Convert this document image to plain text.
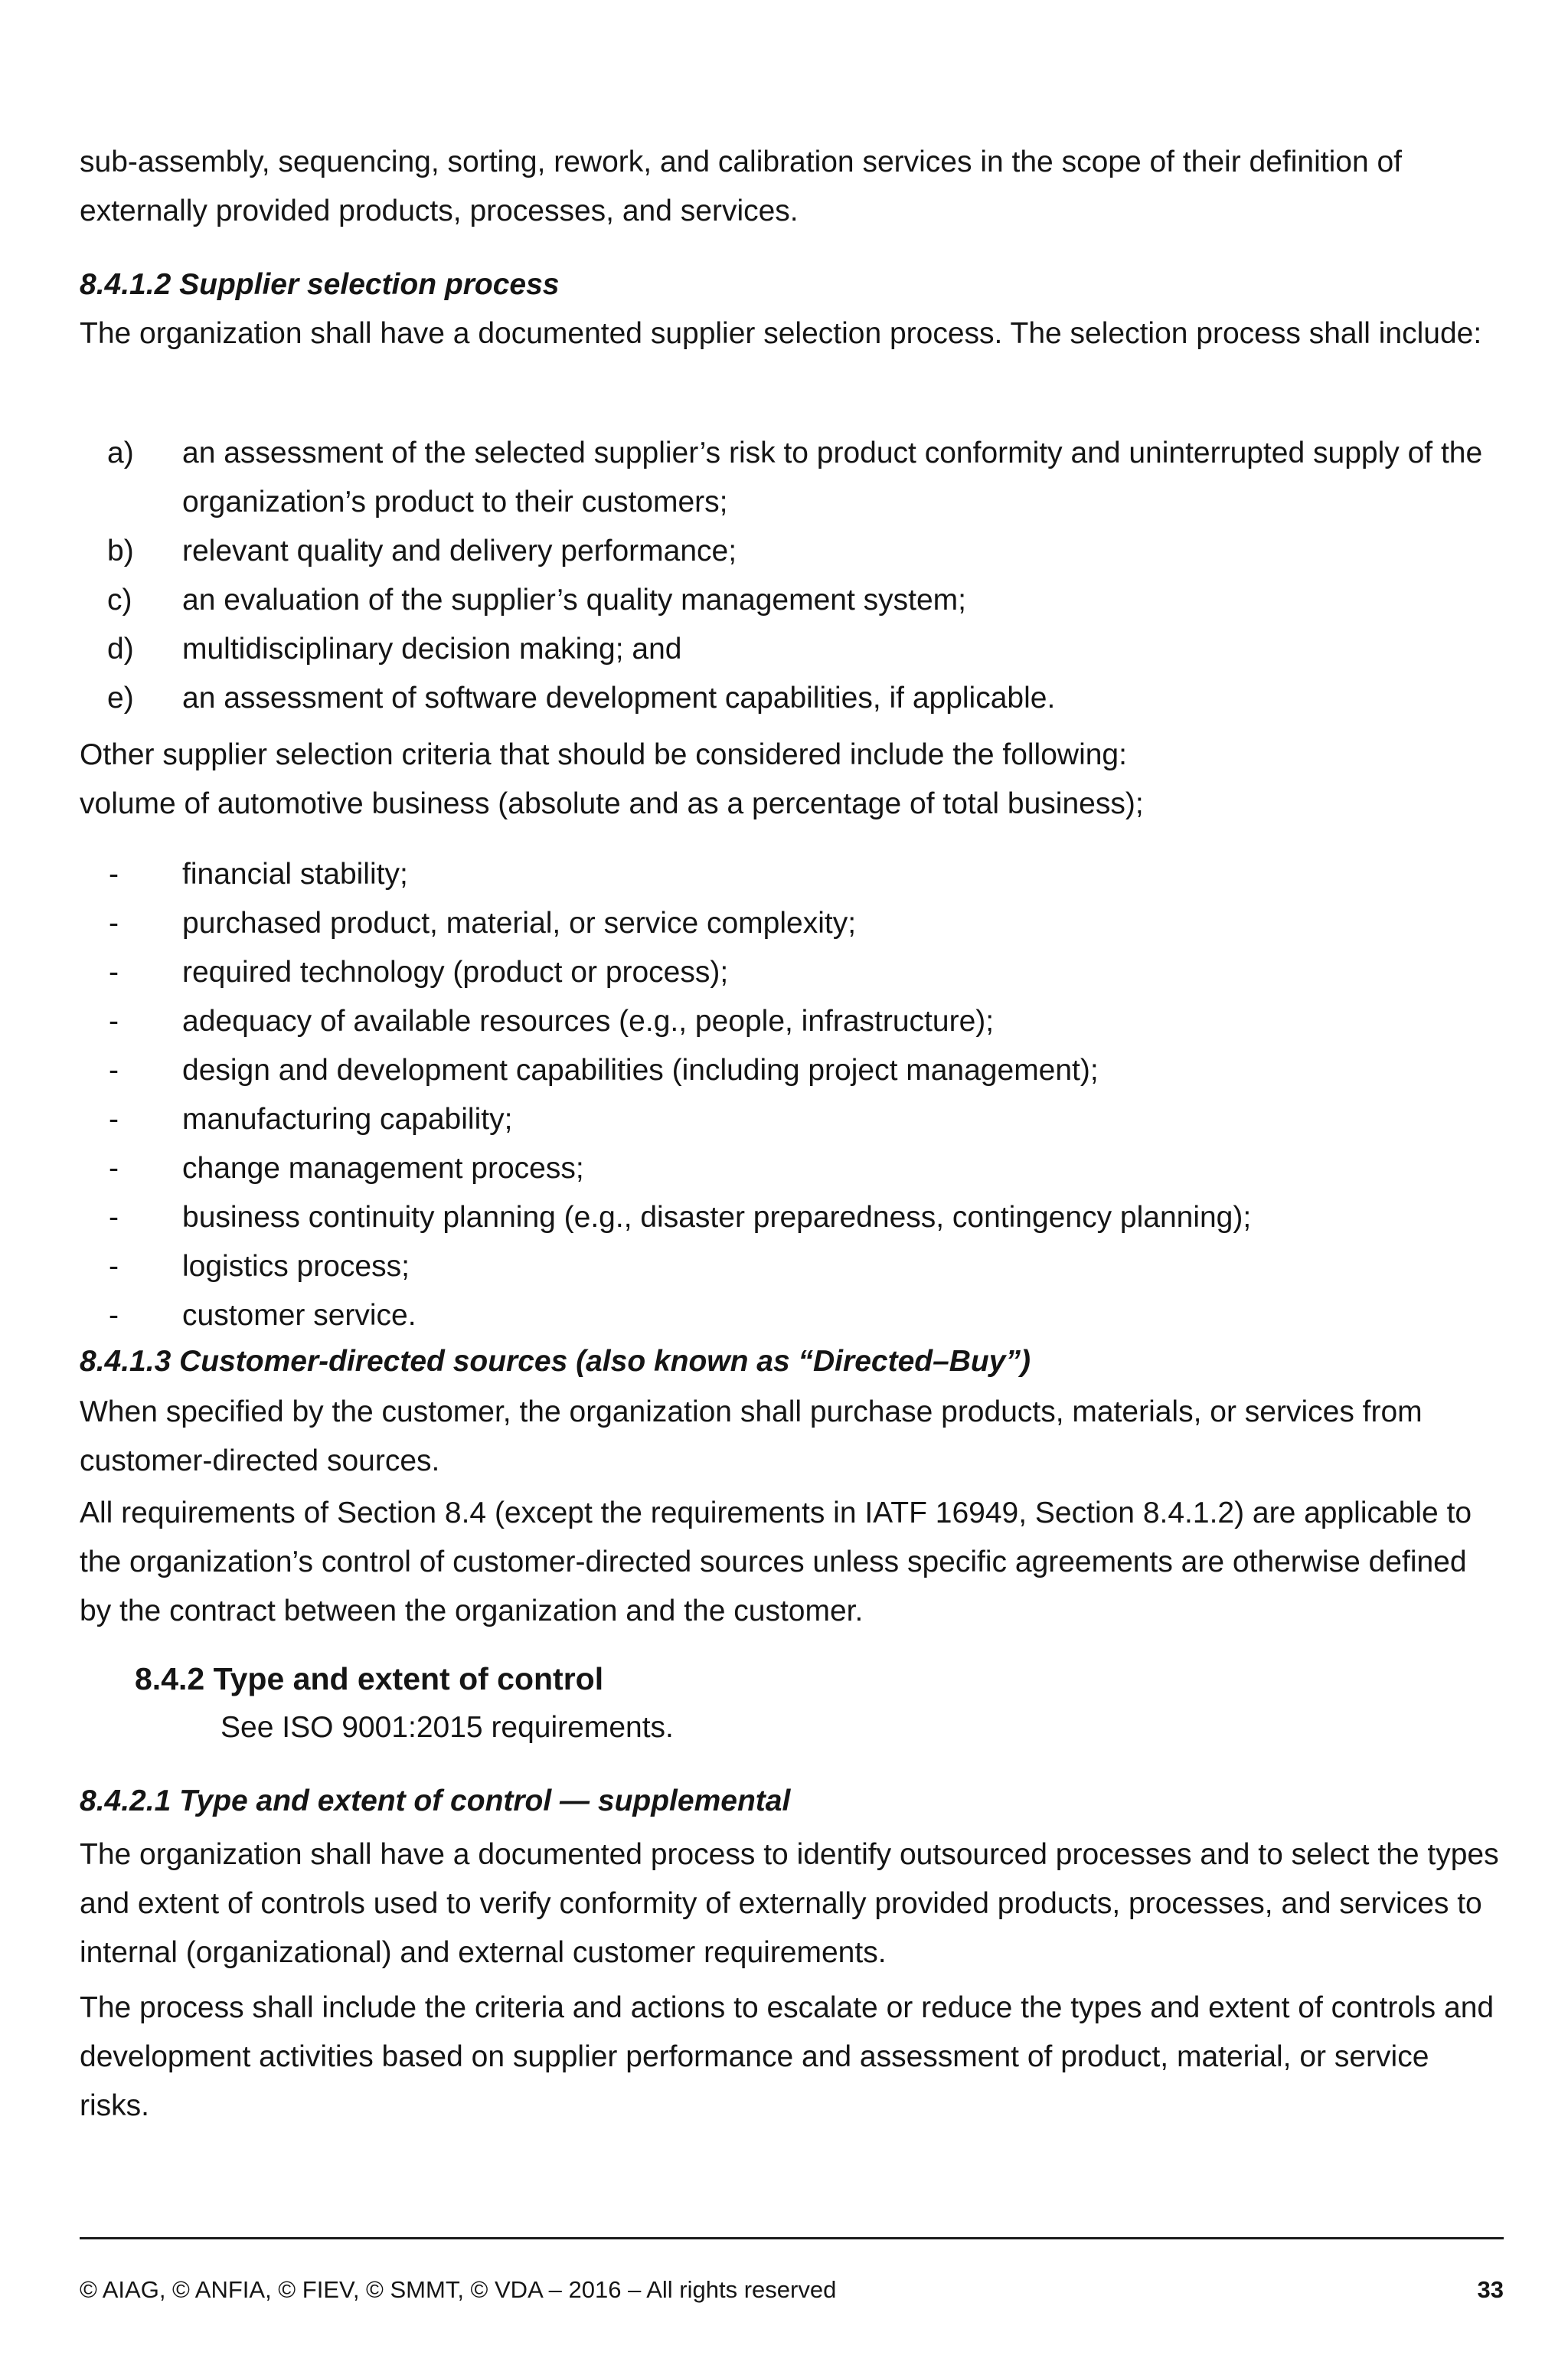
sub-assembly, sequencing, sorting, rework, and calibration services in the scope of their definition of externally provided products, processes, and services.

8.4.1.2 Supplier selection process

The organization shall have a documented supplier selection process. The selection process shall include:

a) an assessment of the selected supplier’s risk to product conformity and uninterrupted supply of the organization’s product to their customers;
b) relevant quality and delivery performance;
c) an evaluation of the supplier’s quality management system;
d) multidisciplinary decision making; and
e) an assessment of software development capabilities, if applicable.

Other supplier selection criteria that should be considered include the following:

volume of automotive business (absolute and as a percentage of total business);

- financial stability;
- purchased product, material, or service complexity;
- required technology (product or process);
- adequacy of available resources (e.g., people, infrastructure);
- design and development capabilities (including project management);
- manufacturing capability;
- change management process;
- business continuity planning (e.g., disaster preparedness, contingency planning);
- logistics process;
- customer service.
8.4.1.3 Customer-directed sources (also known as “Directed–Buy”)

When specified by the customer, the organization shall purchase products, materials, or services from customer-directed sources.

All requirements of Section 8.4 (except the requirements in IATF 16949, Section 8.4.1.2) are applicable to the organization’s control of customer-directed sources unless specific agreements are otherwise defined by the contract between the organization and the customer.

8.4.2 Type and extent of control

See ISO 9001:2015 requirements.

8.4.2.1 Type and extent of control — supplemental

The organization shall have a documented process to identify outsourced processes and to select the types and extent of controls used to verify conformity of externally provided products, processes, and services to internal (organizational) and external customer requirements.

The process shall include the criteria and actions to escalate or reduce the types and extent of controls and development activities based on supplier performance and assessment of product, material, or service risks.

© AIAG, © ANFIA, © FIEV, © SMMT, © VDA – 2016 – All rights reserved	33
